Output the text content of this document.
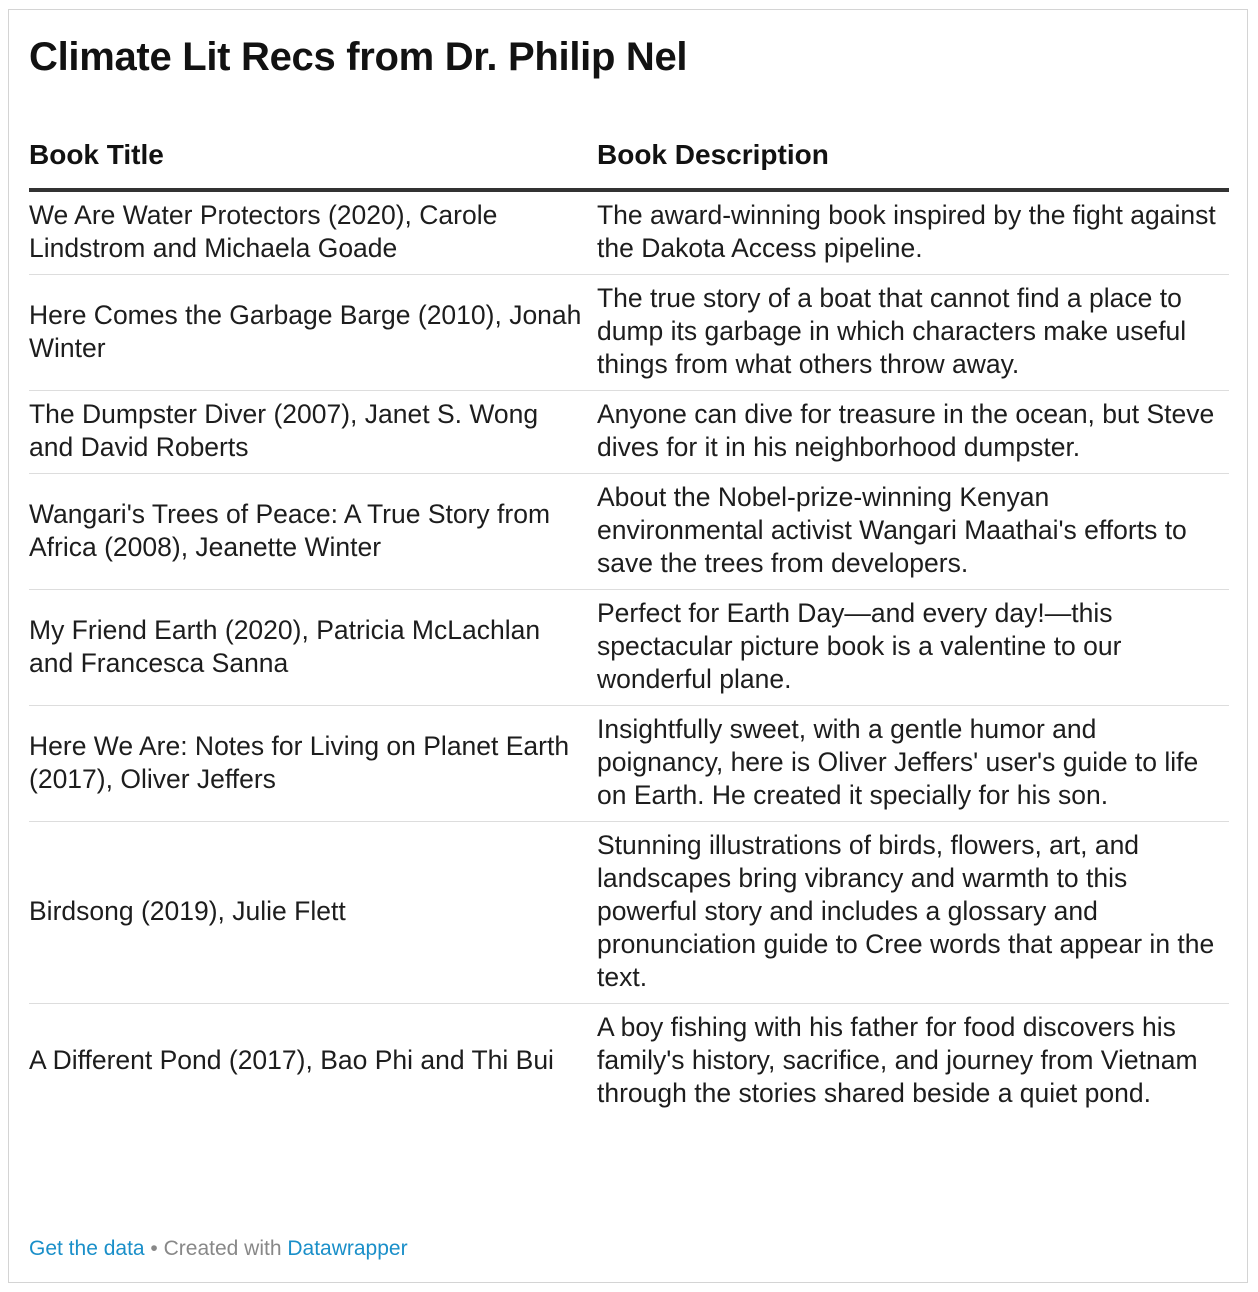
Climate Lit Recs from Dr. Philip Nel
Book Title	Book Description
We Are Water Protectors (2020), Carole Lindstrom and Michaela Goade	The award-winning book inspired by the fight against the Dakota Access pipeline.
Here Comes the Garbage Barge (2010), Jonah Winter	The true story of a boat that cannot find a place to dump its garbage in which characters make useful things from what others throw away.
The Dumpster Diver (2007), Janet S. Wong and David Roberts	Anyone can dive for treasure in the ocean, but Steve dives for it in his neighborhood dumpster.
Wangari's Trees of Peace: A True Story from Africa (2008), Jeanette Winter	About the Nobel-prize-winning Kenyan environmental activist Wangari Maathai's efforts to save the trees from developers.
My Friend Earth (2020), Patricia McLachlan and Francesca Sanna	Perfect for Earth Day—and every day!—this spectacular picture book is a valentine to our wonderful plane.
Here We Are: Notes for Living on Planet Earth (2017), Oliver Jeffers	Insightfully sweet, with a gentle humor and poignancy, here is Oliver Jeffers' user's guide to life on Earth. He created it specially for his son.
Birdsong (2019), Julie Flett	Stunning illustrations of birds, flowers, art, and landscapes bring vibrancy and warmth to this powerful story and includes a glossary and pronunciation guide to Cree words that appear in the text.
A Different Pond (2017), Bao Phi and Thi Bui	A boy fishing with his father for food discovers his family's history, sacrifice, and journey from Vietnam through the stories shared beside a quiet pond.
Get the data • Created with Datawrapper
